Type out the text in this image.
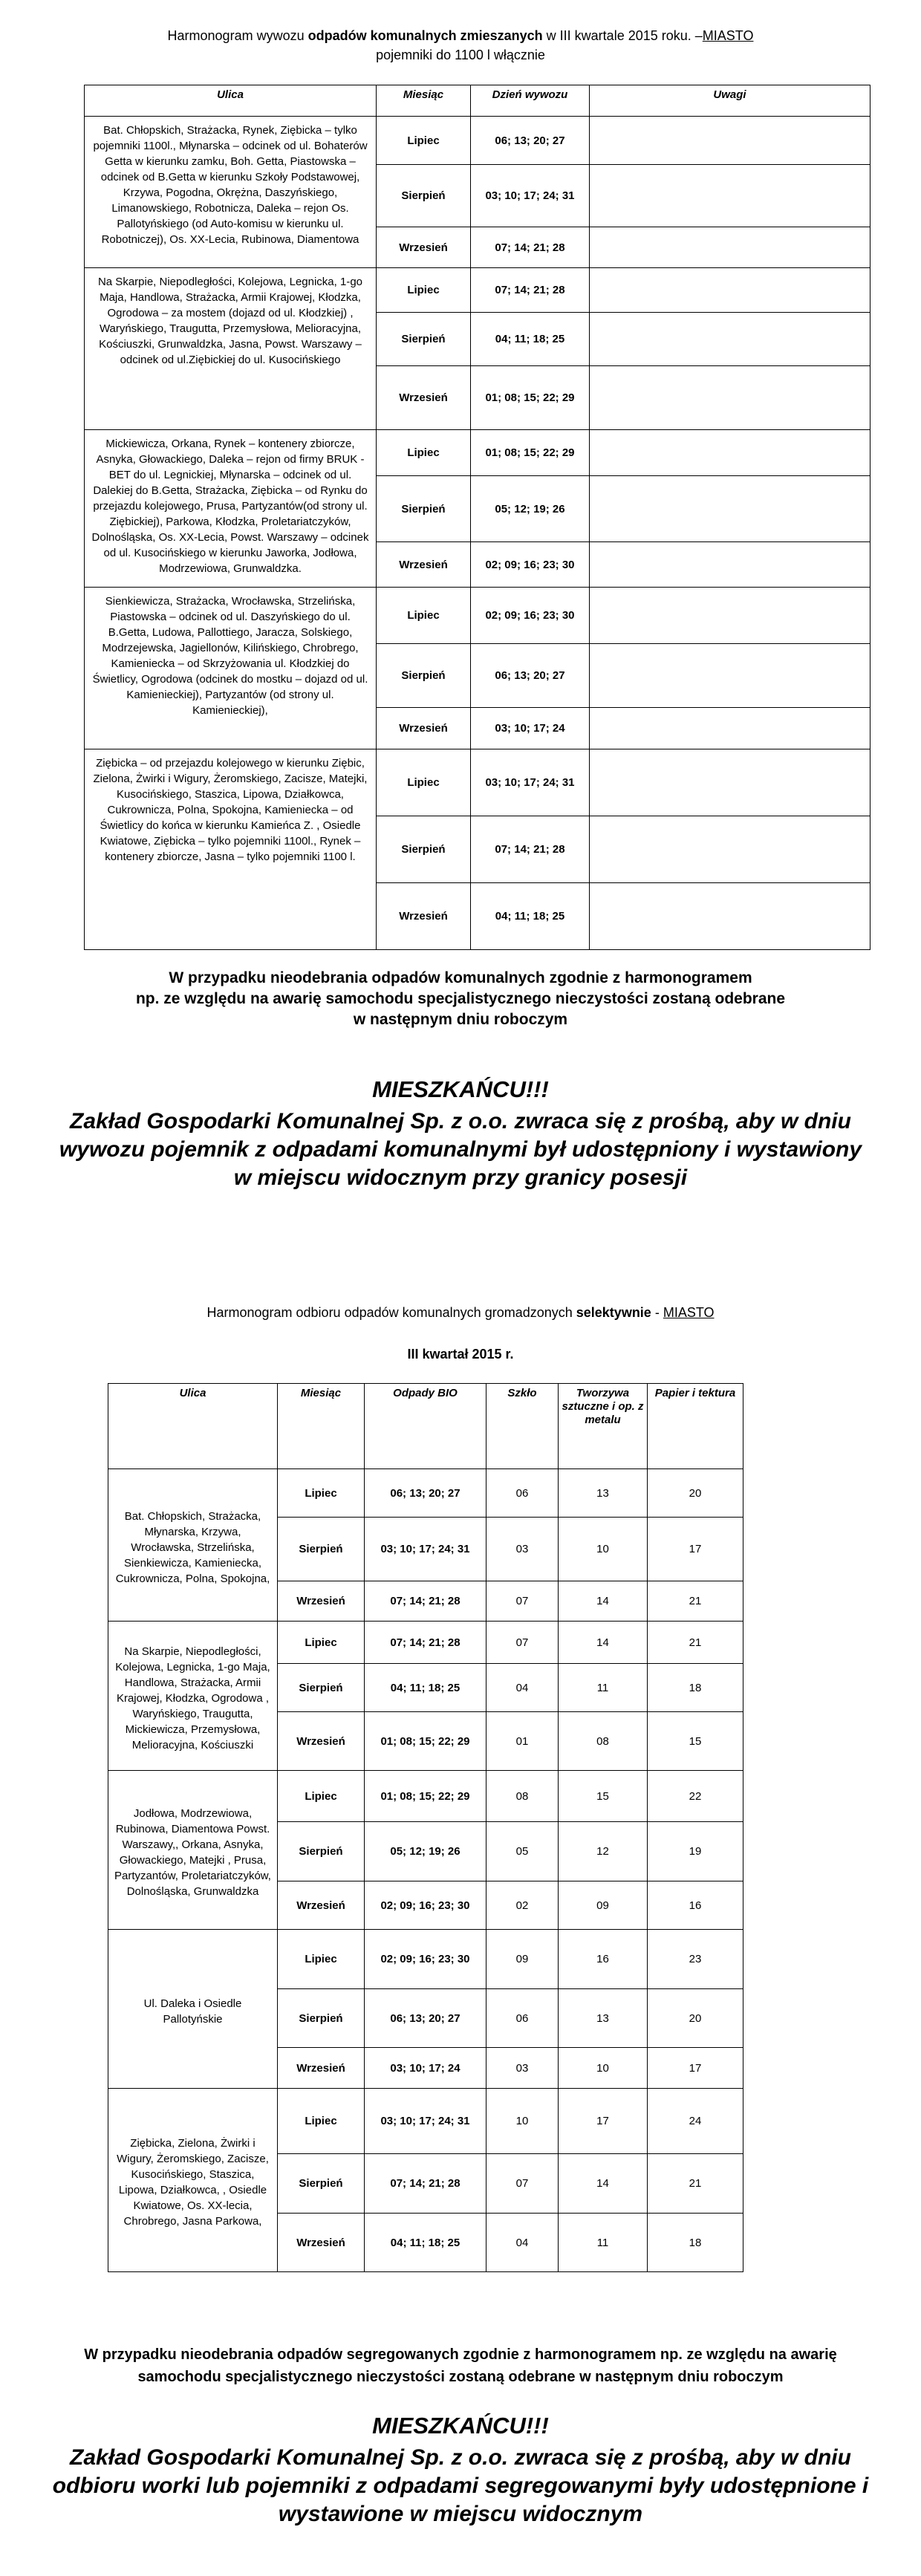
Harmonogram wywozu odpadów komunalnych zmieszanych w III kwartale 2015 roku. –MIASTO
pojemniki do 1100 l włącznie
Ulica	Miesiąc	Dzień wywozu	Uwagi
Bat. Chłopskich, Strażacka, Rynek, Ziębicka – tylko pojemniki 1100l., Młynarska – odcinek od ul. Bohaterów Getta w kierunku zamku, Boh. Getta, Piastowska – odcinek od B.Getta w kierunku Szkoły Podstawowej, Krzywa, Pogodna, Okrężna, Daszyńskiego, Limanowskiego, Robotnicza, Daleka – rejon Os. Pallotyńskiego (od Auto-komisu w kierunku ul. Robotniczej), Os. XX-Lecia, Rubinowa, Diamentowa	Lipiec	06; 13; 20; 27	
	Sierpień	03; 10; 17; 24; 31	
	Wrzesień	07; 14; 21; 28	
Na Skarpie, Niepodległości, Kolejowa, Legnicka, 1-go Maja, Handlowa, Strażacka, Armii Krajowej, Kłodzka, Ogrodowa – za mostem (dojazd od ul. Kłodzkiej) , Waryńskiego, Traugutta, Przemysłowa, Melioracyjna, Kościuszki, Grunwaldzka, Jasna, Powst. Warszawy – odcinek od ul.Ziębickiej do ul. Kusocińskiego	Lipiec	07; 14; 21; 28	
	Sierpień	04; 11; 18; 25	
	Wrzesień	01; 08; 15; 22; 29	
Mickiewicza, Orkana, Rynek – kontenery zbiorcze, Asnyka, Głowackiego, Daleka – rejon od firmy BRUK - BET do ul. Legnickiej, Młynarska – odcinek od ul. Dalekiej do B.Getta, Strażacka, Ziębicka – od Rynku do przejazdu kolejowego, Prusa, Partyzantów(od strony ul. Ziębickiej), Parkowa, Kłodzka, Proletariatczyków, Dolnośląska, Os. XX-Lecia, Powst. Warszawy – odcinek od ul. Kusocińskiego w kierunku Jaworka, Jodłowa, Modrzewiowa, Grunwaldzka.	Lipiec	01; 08; 15; 22; 29	
	Sierpień	05; 12; 19; 26	
	Wrzesień	02; 09; 16; 23; 30	
Sienkiewicza, Strażacka, Wrocławska, Strzelińska, Piastowska – odcinek od ul. Daszyńskiego do ul. B.Getta, Ludowa, Pallottiego, Jaracza, Solskiego, Modrzejewska, Jagiellonów, Kilińskiego, Chrobrego, Kamieniecka – od Skrzyżowania ul. Kłodzkiej do Świetlicy, Ogrodowa (odcinek do mostku – dojazd od ul. Kamienieckiej), Partyzantów (od strony ul. Kamienieckiej),	Lipiec	02; 09; 16; 23; 30	
	Sierpień	06; 13; 20; 27	
	Wrzesień	03; 10; 17; 24	
Ziębicka – od przejazdu kolejowego w kierunku Ziębic, Zielona, Żwirki i Wigury, Żeromskiego, Zacisze, Matejki, Kusocińskiego, Staszica, Lipowa, Działkowca, Cukrownicza, Polna, Spokojna, Kamieniecka – od Świetlicy do końca w kierunku Kamieńca Z. , Osiedle Kwiatowe, Ziębicka – tylko pojemniki 1100l., Rynek – kontenery zbiorcze, Jasna – tylko pojemniki 1100 l.	Lipiec	03; 10; 17; 24; 31	
	Sierpień	07; 14; 21; 28	
	Wrzesień	04; 11; 18; 25	
W przypadku nieodebrania odpadów komunalnych zgodnie z harmonogramem
np. ze względu na awarię samochodu specjalistycznego nieczystości zostaną odebrane
w następnym dniu roboczym
MIESZKAŃCU!!!
Zakład Gospodarki Komunalnej Sp. z o.o. zwraca się z prośbą, aby w dniu
wywozu pojemnik z odpadami komunalnymi był udostępniony i wystawiony
w miejscu widocznym przy granicy posesji
Harmonogram odbioru odpadów komunalnych gromadzonych selektywnie - MIASTO
III kwartał 2015 r.
Ulica	Miesiąc	Odpady BIO	Szkło	Tworzywa sztuczne i op. z metalu	Papier i tektura
Bat. Chłopskich, Strażacka, Młynarska, Krzywa, Wrocławska, Strzelińska, Sienkiewicza, Kamieniecka, Cukrownicza, Polna, Spokojna,	Lipiec	06; 13; 20; 27	06	13	20
	Sierpień	03; 10; 17; 24; 31	03	10	17
	Wrzesień	07; 14; 21; 28	07	14	21
Na Skarpie, Niepodległości, Kolejowa, Legnicka, 1-go Maja, Handlowa, Strażacka, Armii Krajowej, Kłodzka, Ogrodowa , Waryńskiego, Traugutta, Mickiewicza, Przemysłowa, Melioracyjna, Kościuszki	Lipiec	07; 14; 21; 28	07	14	21
	Sierpień	04; 11; 18; 25	04	11	18
	Wrzesień	01; 08; 15; 22; 29	01	08	15
Jodłowa, Modrzewiowa, Rubinowa, Diamentowa Powst. Warszawy,, Orkana, Asnyka, Głowackiego, Matejki , Prusa, Partyzantów, Proletariatczyków, Dolnośląska, Grunwaldzka	Lipiec	01; 08; 15; 22; 29	08	15	22
	Sierpień	05; 12; 19; 26	05	12	19
	Wrzesień	02; 09; 16; 23; 30	02	09	16
Ul. Daleka i Osiedle Pallotyńskie	Lipiec	02; 09; 16; 23; 30	09	16	23
	Sierpień	06; 13; 20; 27	06	13	20
	Wrzesień	03; 10; 17; 24	03	10	17
Ziębicka, Zielona, Żwirki i Wigury, Żeromskiego, Zacisze, Kusocińskiego, Staszica, Lipowa, Działkowca, , Osiedle Kwiatowe, Os. XX-lecia, Chrobrego, Jasna Parkowa,	Lipiec	03; 10; 17; 24; 31	10	17	24
	Sierpień	07; 14; 21; 28	07	14	21
	Wrzesień	04; 11; 18; 25	04	11	18
W przypadku nieodebrania odpadów segregowanych zgodnie z harmonogramem np. ze względu na awarię
samochodu specjalistycznego nieczystości zostaną odebrane w następnym dniu roboczym
MIESZKAŃCU!!!
Zakład Gospodarki Komunalnej Sp. z o.o. zwraca się z prośbą, aby w dniu
odbioru worki lub pojemniki z odpadami segregowanymi były udostępnione i
wystawione w miejscu widocznym
